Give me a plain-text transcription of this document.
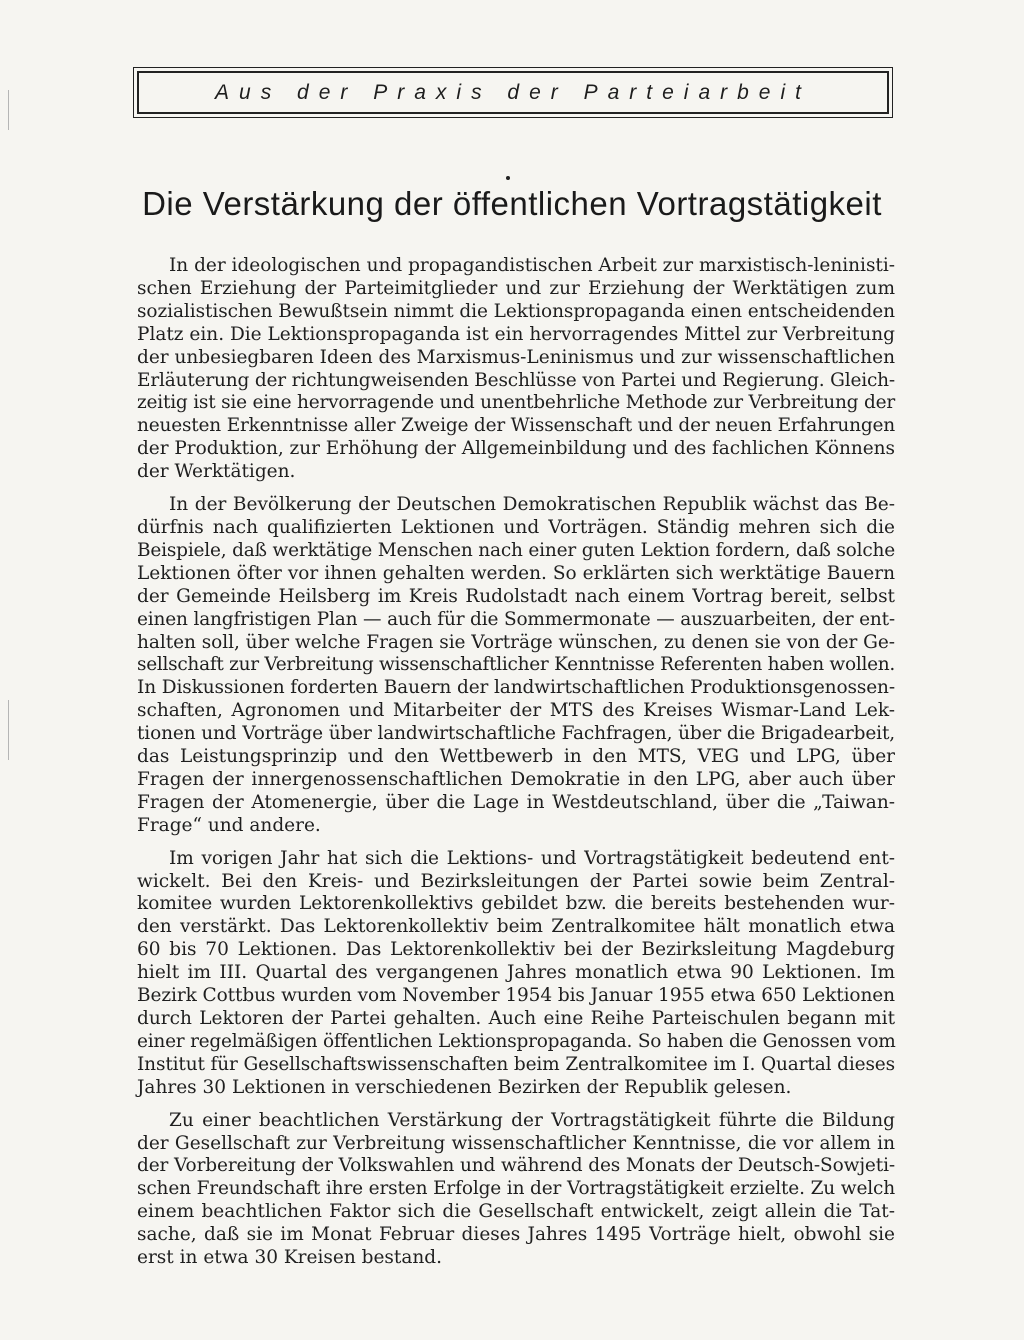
Aus der Praxis der Parteiarbeit
Die Verstärkung der öffentlichen Vortragstätigkeit

In der ideologischen und propagandistischen Arbeit zur marxistisch-leninisti-
schen Erziehung der Parteimitglieder und zur Erziehung der Werktätigen zum
sozialistischen Bewußtsein nimmt die Lektionspropaganda einen entscheidenden
Platz ein. Die Lektionspropaganda ist ein hervorragendes Mittel zur Verbreitung
der unbesiegbaren Ideen des Marxismus-Leninismus und zur wissenschaftlichen
Erläuterung der richtungweisenden Beschlüsse von Partei und Regierung. Gleich-
zeitig ist sie eine hervorragende und unentbehrliche Methode zur Verbreitung der
neuesten Erkenntnisse aller Zweige der Wissenschaft und der neuen Erfahrungen
der Produktion, zur Erhöhung der Allgemeinbildung und des fachlichen Könnens
der Werktätigen.

In der Bevölkerung der Deutschen Demokratischen Republik wächst das Be-
dürfnis nach qualifizierten Lektionen und Vorträgen. Ständig mehren sich die
Beispiele, daß werktätige Menschen nach einer guten Lektion fordern, daß solche
Lektionen öfter vor ihnen gehalten werden. So erklärten sich werktätige Bauern
der Gemeinde Heilsberg im Kreis Rudolstadt nach einem Vortrag bereit, selbst
einen langfristigen Plan — auch für die Sommermonate — auszuarbeiten, der ent-
halten soll, über welche Fragen sie Vorträge wünschen, zu denen sie von der Ge-
sellschaft zur Verbreitung wissenschaftlicher Kenntnisse Referenten haben wollen.
In Diskussionen forderten Bauern der landwirtschaftlichen Produktionsgenossen-
schaften, Agronomen und Mitarbeiter der MTS des Kreises Wismar-Land Lek-
tionen und Vorträge über landwirtschaftliche Fachfragen, über die Brigadearbeit,
das Leistungsprinzip und den Wettbewerb in den MTS, VEG und LPG, über
Fragen der innergenossenschaftlichen Demokratie in den LPG, aber auch über
Fragen der Atomenergie, über die Lage in Westdeutschland, über die „Taiwan-
Frage“ und andere.

Im vorigen Jahr hat sich die Lektions- und Vortragstätigkeit bedeutend ent-
wickelt. Bei den Kreis- und Bezirksleitungen der Partei sowie beim Zentral-
komitee wurden Lektorenkollektivs gebildet bzw. die bereits bestehenden wur-
den verstärkt. Das Lektorenkollektiv beim Zentralkomitee hält monatlich etwa
60 bis 70 Lektionen. Das Lektorenkollektiv bei der Bezirksleitung Magdeburg
hielt im III. Quartal des vergangenen Jahres monatlich etwa 90 Lektionen. Im
Bezirk Cottbus wurden vom November 1954 bis Januar 1955 etwa 650 Lektionen
durch Lektoren der Partei gehalten. Auch eine Reihe Parteischulen begann mit
einer regelmäßigen öffentlichen Lektionspropaganda. So haben die Genossen vom
Institut für Gesellschaftswissenschaften beim Zentralkomitee im I. Quartal dieses
Jahres 30 Lektionen in verschiedenen Bezirken der Republik gelesen.

Zu einer beachtlichen Verstärkung der Vortragstätigkeit führte die Bildung
der Gesellschaft zur Verbreitung wissenschaftlicher Kenntnisse, die vor allem in
der Vorbereitung der Volkswahlen und während des Monats der Deutsch-Sowjeti-
schen Freundschaft ihre ersten Erfolge in der Vortragstätigkeit erzielte. Zu welch
einem beachtlichen Faktor sich die Gesellschaft entwickelt, zeigt allein die Tat-
sache, daß sie im Monat Februar dieses Jahres 1495 Vorträge hielt, obwohl sie
erst in etwa 30 Kreisen bestand.
